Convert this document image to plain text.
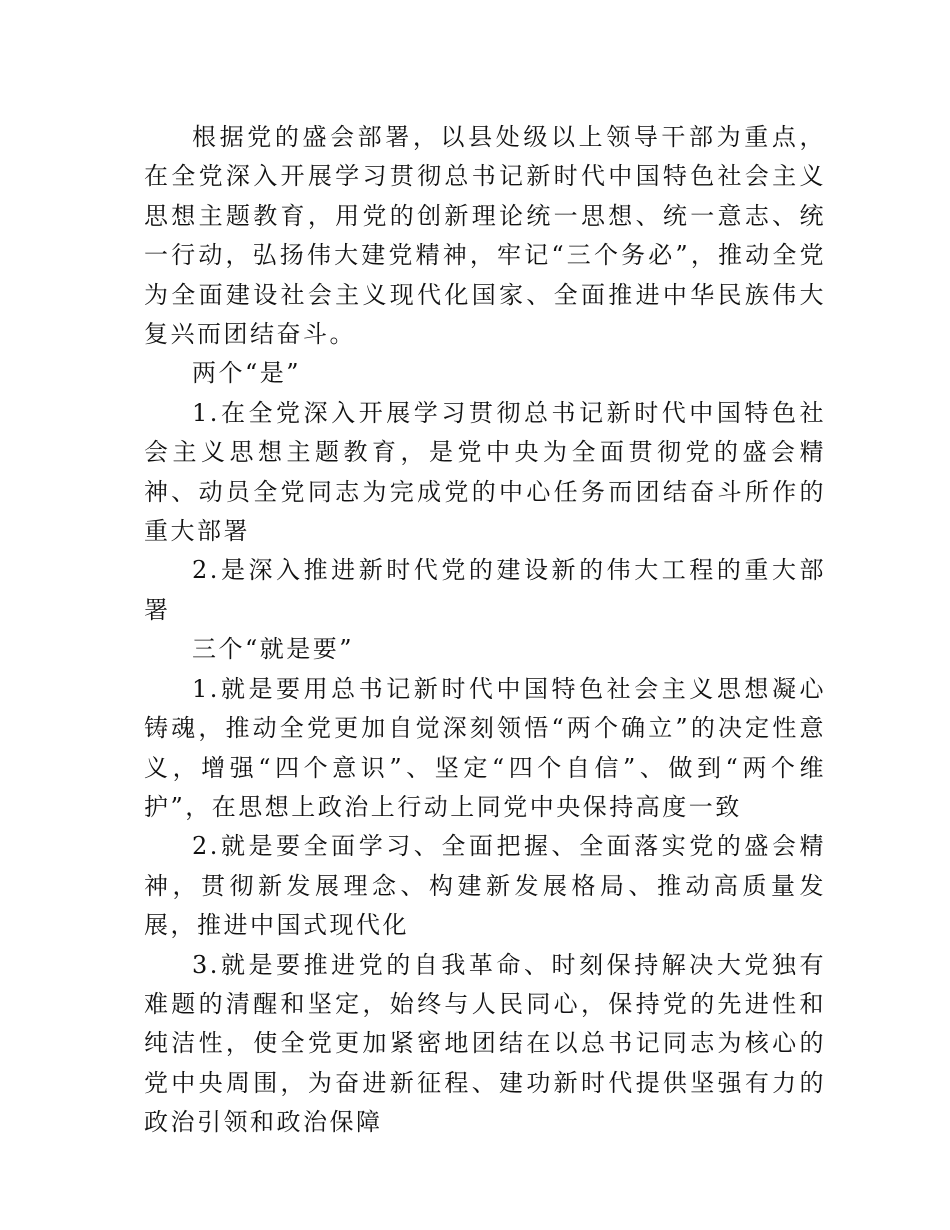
根据党的盛会部署，以县处级以上领导干部为重点，在全党深入开展学习贯彻总书记新时代中国特色社会主义思想主题教育，用党的创新理论统一思想、统一意志、统一行动，弘扬伟大建党精神，牢记“三个务必”，推动全党为全面建设社会主义现代化国家、全面推进中华民族伟大复兴而团结奋斗。

两个“是”

1.在全党深入开展学习贯彻总书记新时代中国特色社会主义思想主题教育，是党中央为全面贯彻党的盛会精神、动员全党同志为完成党的中心任务而团结奋斗所作的重大部署

2.是深入推进新时代党的建设新的伟大工程的重大部署

三个“就是要”

1.就是要用总书记新时代中国特色社会主义思想凝心铸魂，推动全党更加自觉深刻领悟“两个确立”的决定性意义，增强“四个意识”、坚定“四个自信”、做到“两个维护”，在思想上政治上行动上同党中央保持高度一致

2.就是要全面学习、全面把握、全面落实党的盛会精神，贯彻新发展理念、构建新发展格局、推动高质量发展，推进中国式现代化

3.就是要推进党的自我革命、时刻保持解决大党独有难题的清醒和坚定，始终与人民同心，保持党的先进性和纯洁性，使全党更加紧密地团结在以总书记同志为核心的党中央周围，为奋进新征程、建功新时代提供坚强有力的政治引领和政治保障
